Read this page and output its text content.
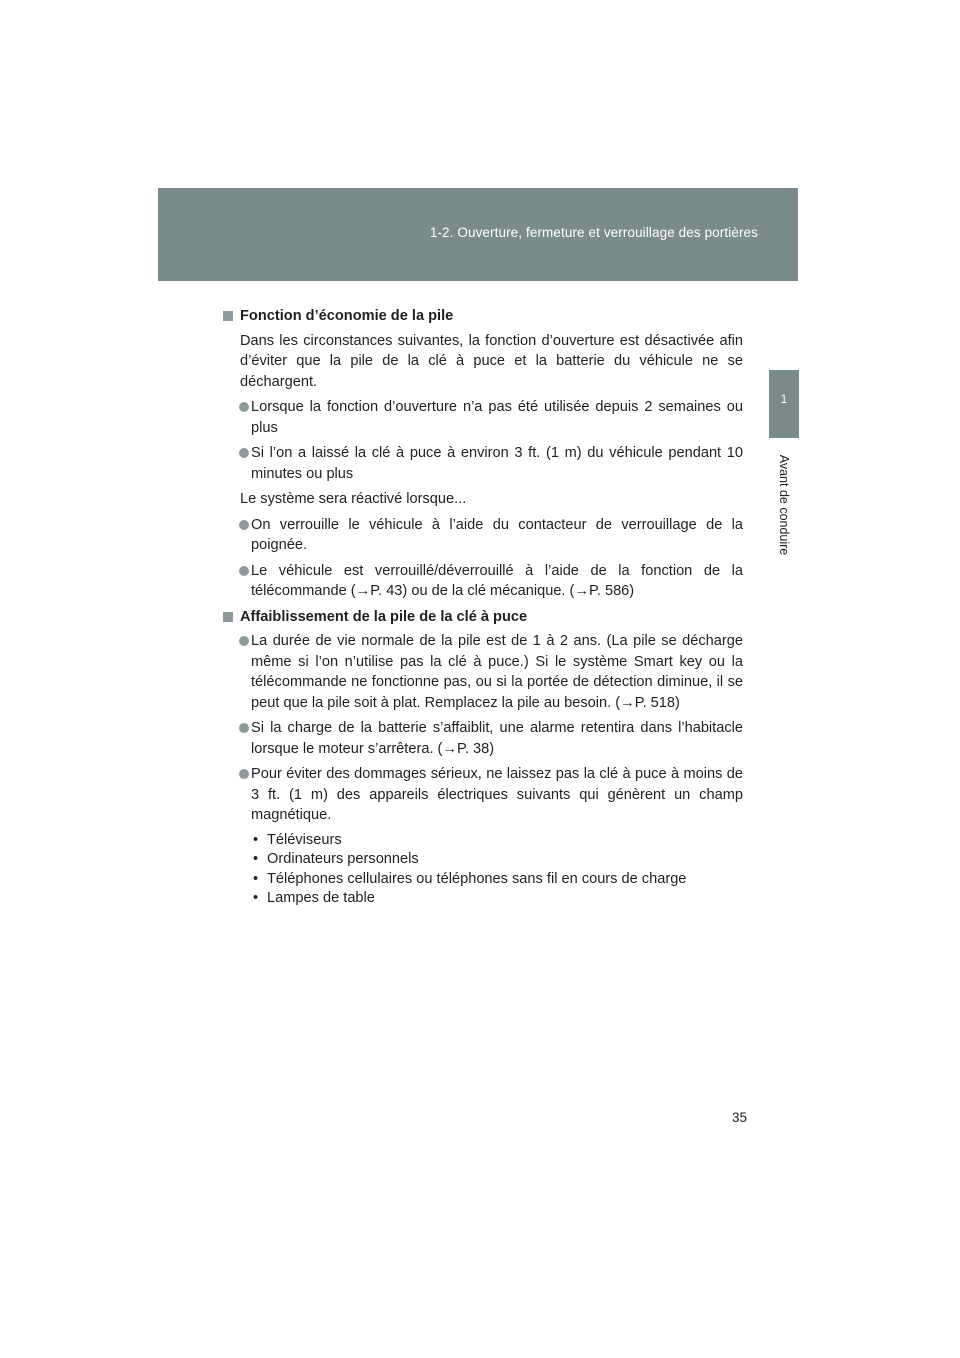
1-2. Ouverture, fermeture et verrouillage des portières
1
Avant de conduire
Fonction d’économie de la pile
Dans les circonstances suivantes, la fonction d’ouverture est désactivée afin d’éviter que la pile de la clé à puce et la batterie du véhicule ne se déchargent.
Lorsque la fonction d’ouverture n’a pas été utilisée depuis 2 semaines ou plus
Si l’on a laissé la clé à puce à environ 3 ft. (1 m) du véhicule pendant 10 minutes ou plus
Le système sera réactivé lorsque...
On verrouille le véhicule à l’aide du contacteur de verrouillage de la poignée.
Le véhicule est verrouillé/déverrouillé à l’aide de la fonction de la télécommande (→P. 43) ou de la clé mécanique. (→P. 586)
Affaiblissement de la pile de la clé à puce
La durée de vie normale de la pile est de 1 à 2 ans. (La pile se décharge même si l’on n’utilise pas la clé à puce.) Si le système Smart key ou la télécommande ne fonctionne pas, ou si la portée de détection diminue, il se peut que la pile soit à plat. Remplacez la pile au besoin. (→P. 518)
Si la charge de la batterie s’affaiblit, une alarme retentira dans l’habitacle lorsque le moteur s’arrêtera. (→P. 38)
Pour éviter des dommages sérieux, ne laissez pas la clé à puce à moins de 3 ft. (1 m) des appareils électriques suivants qui génèrent un champ magnétique.
• Téléviseurs
• Ordinateurs personnels
• Téléphones cellulaires ou téléphones sans fil en cours de charge
• Lampes de table
35
